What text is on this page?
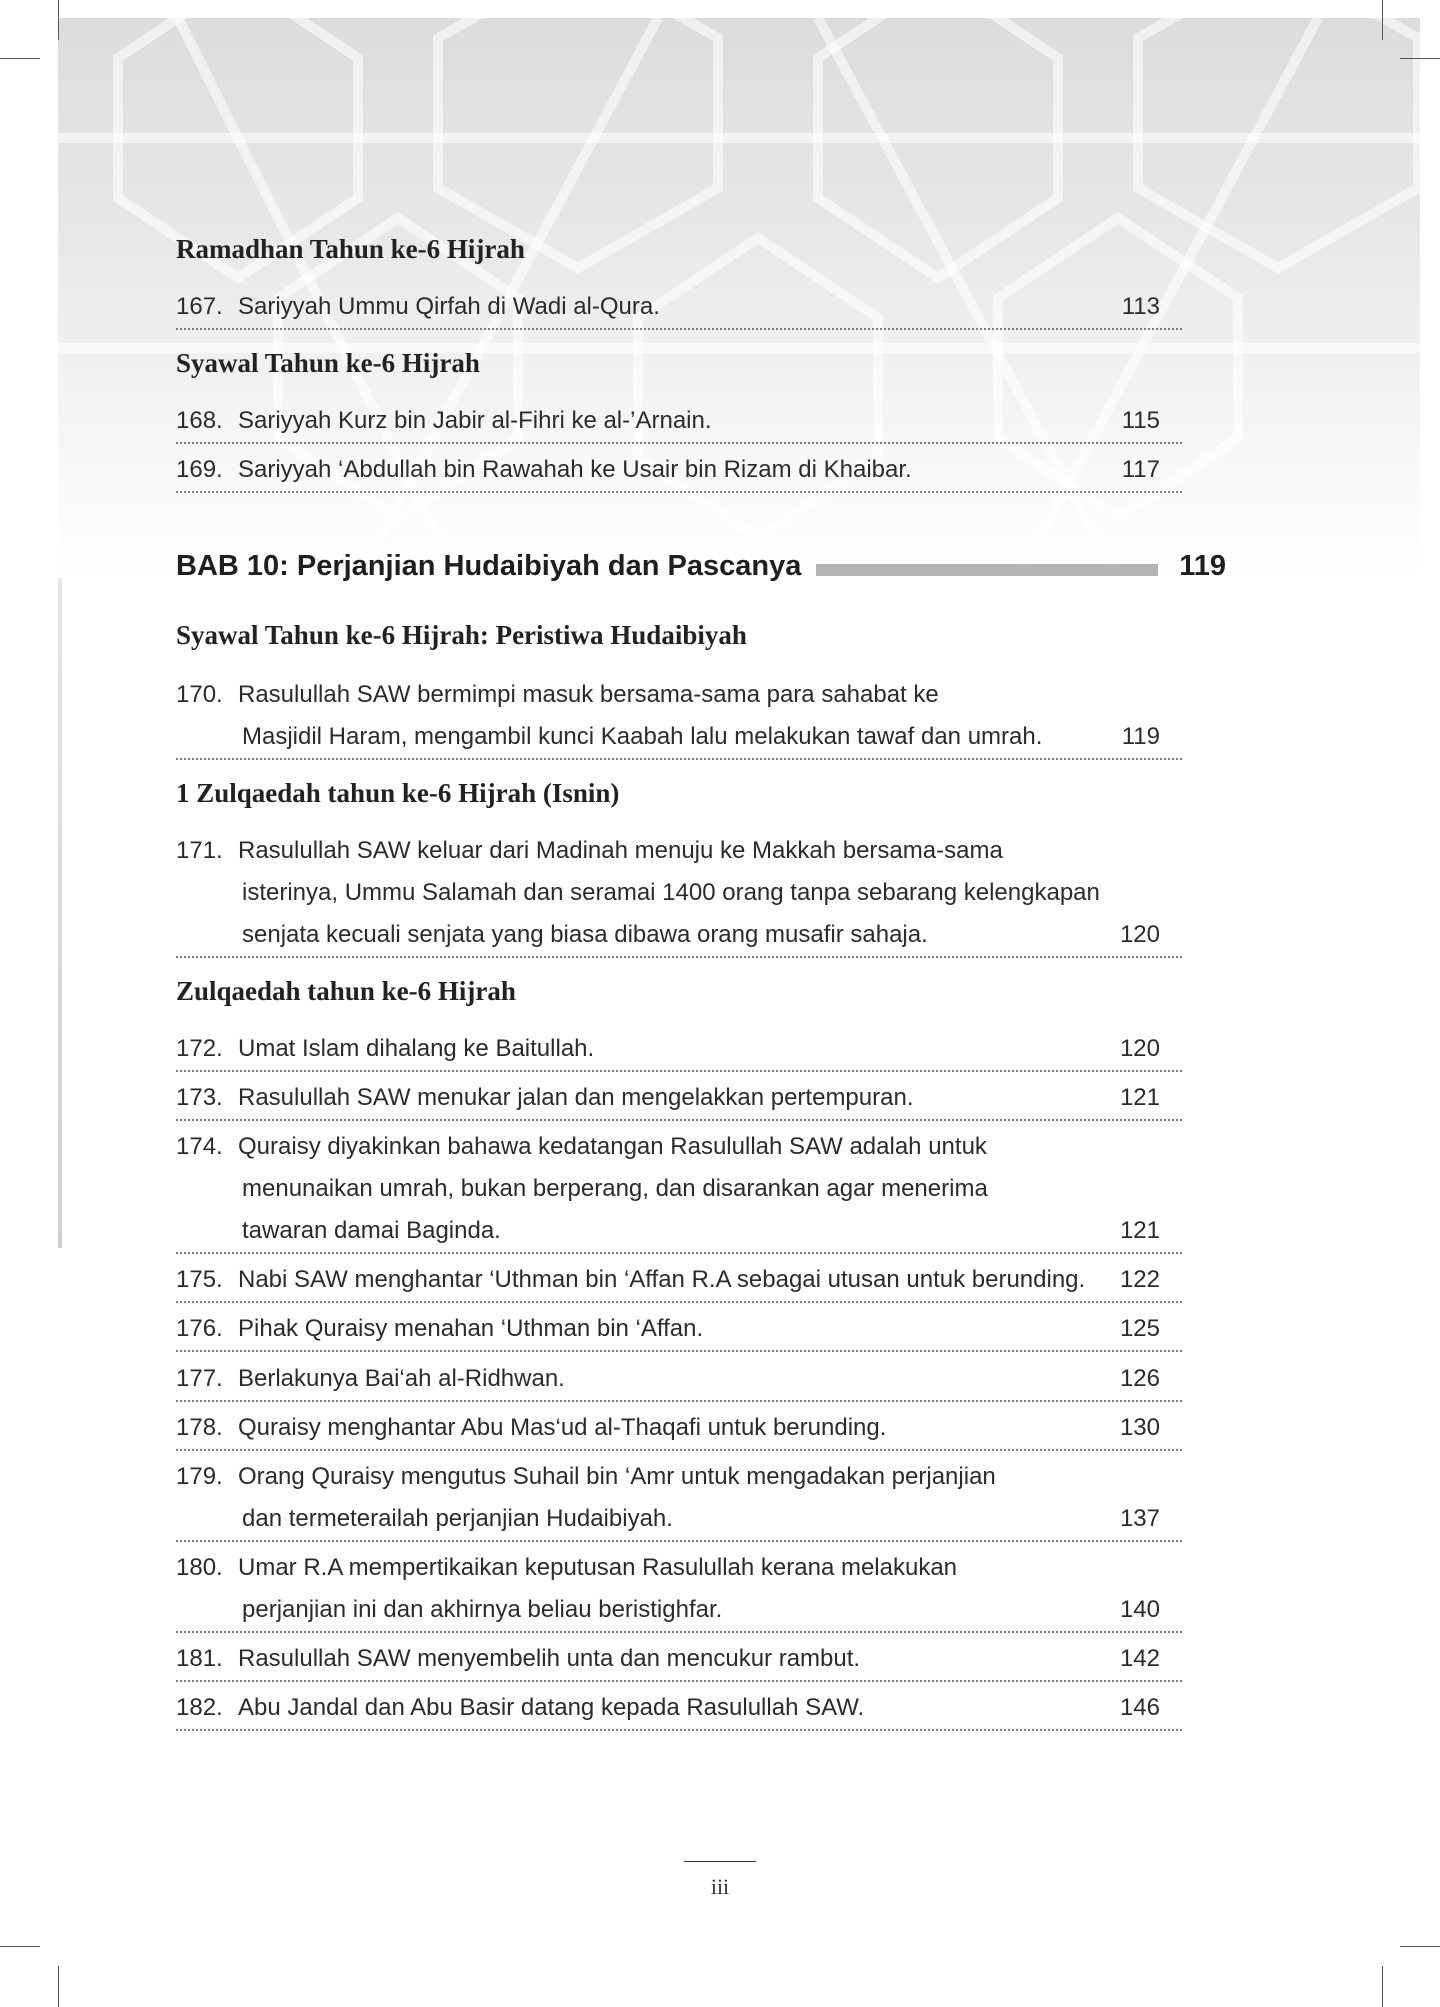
Ramadhan Tahun ke-6 Hijrah
167. Sariyyah Ummu Qirfah di Wadi al-Qura.	113
Syawal Tahun ke-6 Hijrah
168. Sariyyah Kurz bin Jabir al-Fihri ke al-’Arnain.	115
169. Sariyyah ‘Abdullah bin Rawahah ke Usair bin Rizam di Khaibar.	117
BAB 10: Perjanjian Hudaibiyah dan Pascanya	119
Syawal Tahun ke-6 Hijrah: Peristiwa Hudaibiyah
170. Rasulullah SAW bermimpi masuk bersama-sama para sahabat ke
Masjidil Haram, mengambil kunci Kaabah lalu melakukan tawaf dan umrah.	119
1 Zulqaedah tahun ke-6 Hijrah (Isnin)
171. Rasulullah SAW keluar dari Madinah menuju ke Makkah bersama-sama
isterinya, Ummu Salamah dan seramai 1400 orang tanpa sebarang kelengkapan
senjata kecuali senjata yang biasa dibawa orang musafir sahaja.	120
Zulqaedah tahun ke-6 Hijrah
172. Umat Islam dihalang ke Baitullah.	120
173. Rasulullah SAW menukar jalan dan mengelakkan pertempuran.	121
174. Quraisy diyakinkan bahawa kedatangan Rasulullah SAW adalah untuk
menunaikan umrah, bukan berperang, dan disarankan agar menerima
tawaran damai Baginda.	121
175. Nabi SAW menghantar ‘Uthman bin ‘Affan R.A sebagai utusan untuk berunding.	122
176. Pihak Quraisy menahan ‘Uthman bin ‘Affan.	125
177. Berlakunya Bai‘ah al-Ridhwan.	126
178. Quraisy menghantar Abu Mas‘ud al-Thaqafi untuk berunding.	130
179. Orang Quraisy mengutus Suhail bin ‘Amr untuk mengadakan perjanjian
dan termeterailah perjanjian Hudaibiyah.	137
180. Umar R.A mempertikaikan keputusan Rasulullah kerana melakukan
perjanjian ini dan akhirnya beliau beristighfar.	140
181. Rasulullah SAW menyembelih unta dan mencukur rambut.	142
182. Abu Jandal dan Abu Basir datang kepada Rasulullah SAW.	146
iii
